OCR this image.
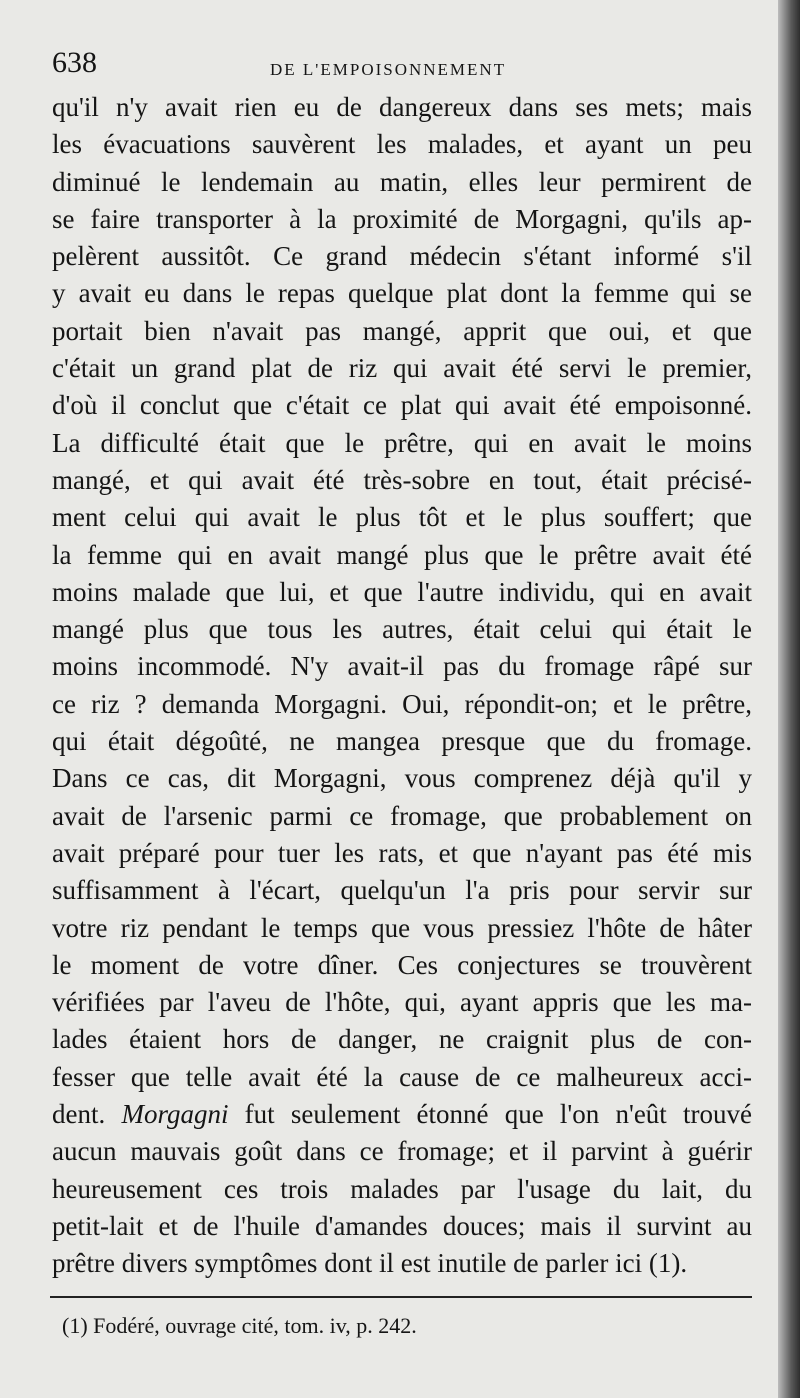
638	DE L'EMPOISONNEMENT
qu'il n'y avait rien eu de dangereux dans ses mets; mais
les évacuations sauvèrent les malades, et ayant un peu
diminué le lendemain au matin, elles leur permirent de
se faire transporter à la proximité de Morgagni, qu'ils ap-
pelèrent aussitôt. Ce grand médecin s'étant informé s'il
y avait eu dans le repas quelque plat dont la femme qui se
portait bien n'avait pas mangé, apprit que oui, et que
c'était un grand plat de riz qui avait été servi le premier,
d'où il conclut que c'était ce plat qui avait été empoisonné.
La difficulté était que le prêtre, qui en avait le moins
mangé, et qui avait été très-sobre en tout, était précisé-
ment celui qui avait le plus tôt et le plus souffert; que
la femme qui en avait mangé plus que le prêtre avait été
moins malade que lui, et que l'autre individu, qui en avait
mangé plus que tous les autres, était celui qui était le
moins incommodé. N'y avait-il pas du fromage râpé sur
ce riz ? demanda Morgagni. Oui, répondit-on; et le prêtre,
qui était dégoûté, ne mangea presque que du fromage.
Dans ce cas, dit Morgagni, vous comprenez déjà qu'il y
avait de l'arsenic parmi ce fromage, que probablement on
avait préparé pour tuer les rats, et que n'ayant pas été mis
suffisamment à l'écart, quelqu'un l'a pris pour servir sur
votre riz pendant le temps que vous pressiez l'hôte de hâter
le moment de votre dîner. Ces conjectures se trouvèrent
vérifiées par l'aveu de l'hôte, qui, ayant appris que les ma-
lades étaient hors de danger, ne craignit plus de con-
fesser que telle avait été la cause de ce malheureux acci-
dent. Morgagni fut seulement étonné que l'on n'eût trouvé
aucun mauvais goût dans ce fromage; et il parvint à guérir
heureusement ces trois malades par l'usage du lait, du
petit-lait et de l'huile d'amandes douces; mais il survint au
prêtre divers symptômes dont il est inutile de parler ici (1).
(1) Fodéré, ouvrage cité, tom. iv, p. 242.
